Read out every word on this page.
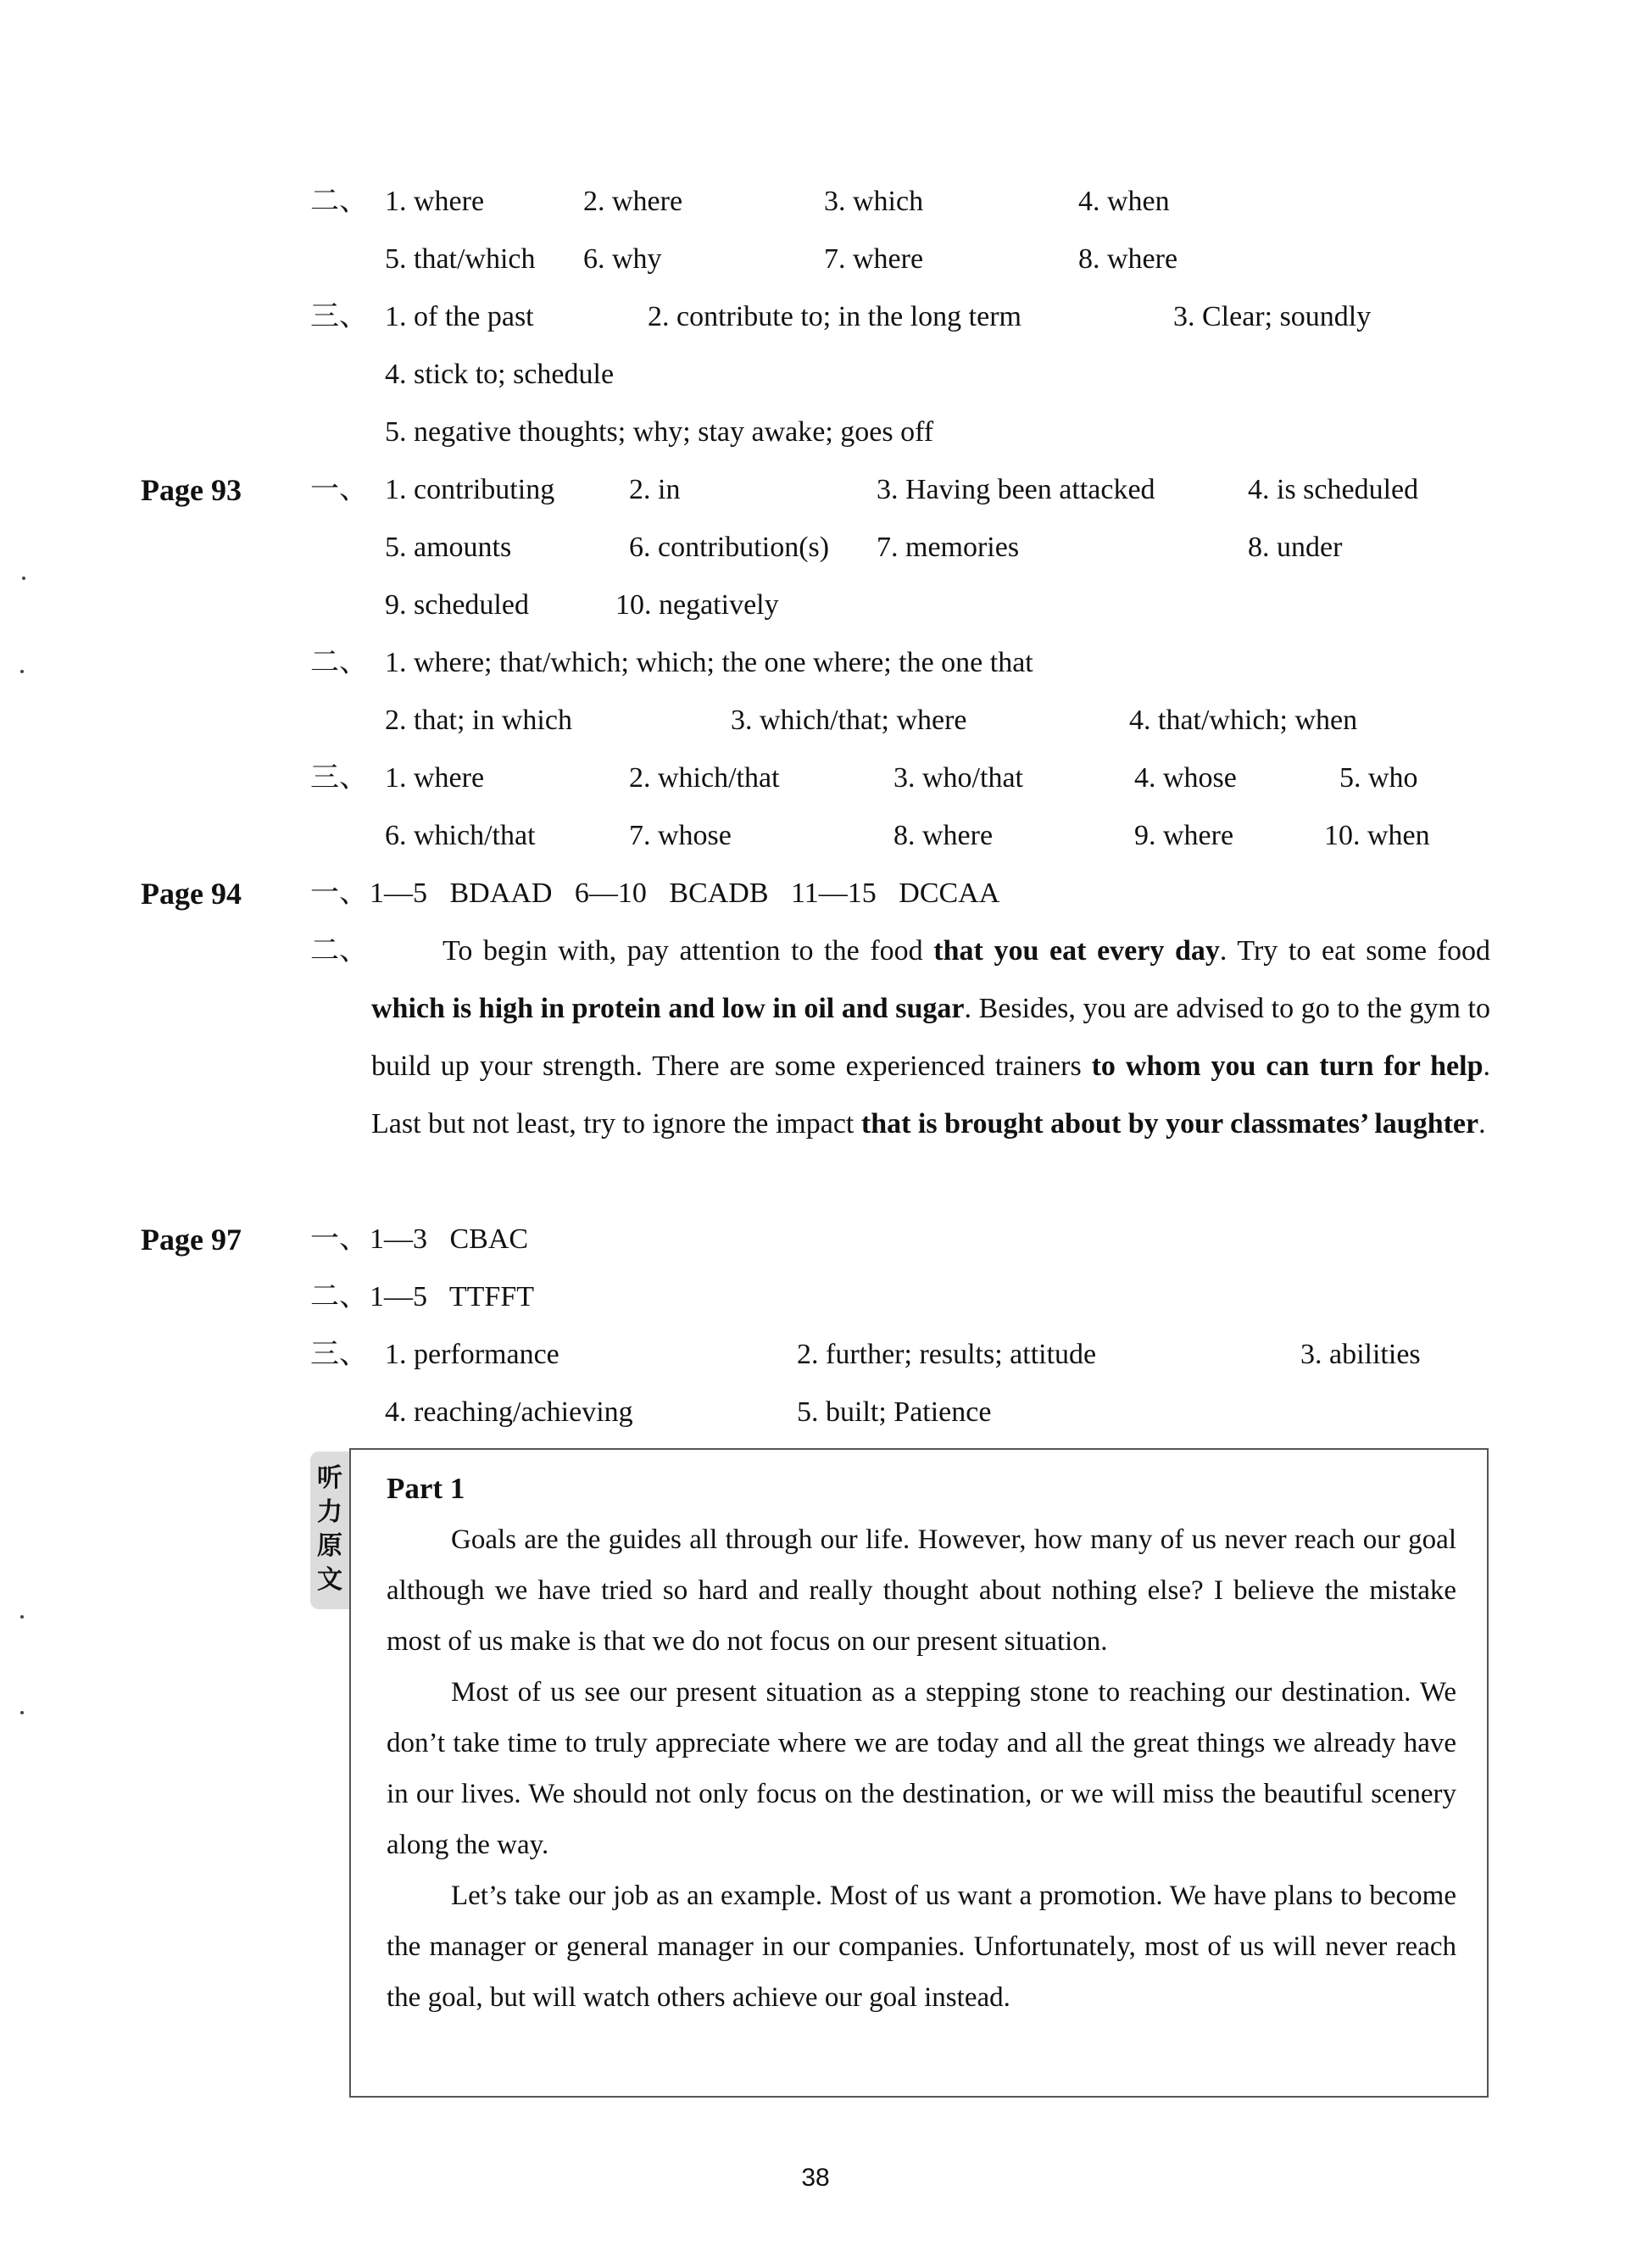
二、 1. where	2. where	3. which	4. when
5. that/which 6. why	7. where	8. where
三、 1. of the past	2. contribute to; in the long term	3. Clear; soundly
4. stick to; schedule
5. negative thoughts; why; stay awake; goes off
Page 93 一、 1. contributing	2. in	3. Having been attacked	4. is scheduled
5. amounts	6. contribution(s) 7. memories	8. under
9. scheduled	10. negatively
二、 1. where; that/which; which; the one where; the one that
2. that; in which	3. which/that; where	4. that/which; when
三、 1. where	2. which/that	3. who/that	4. whose	5. who
6. which/that	7. whose	8. where	9. where	10. when
Page 94 一、 1—5 BDAAD 6—10 BCADB 11—15 DCCAA
二、	To begin with, pay attention to the food that you eat every day. Try to eat some food which is high in protein and low in oil and sugar. Besides, you are advised to go to the gym to build up your strength. There are some experienced trainers to whom you can turn for help. Last but not least, try to ignore the impact that is brought about by your classmates’ laughter.
Page 97 一、 1—3 CBAC
二、 1—5 TTFFT
三、 1. performance	2. further; results; attitude	3. abilities
4. reaching/achieving	5. built; Patience
听
力
原
文
Part 1
Goals are the guides all through our life. However, how many of us never reach our goal although we have tried so hard and really thought about nothing else? I believe the mistake most of us make is that we do not focus on our present situation.
Most of us see our present situation as a stepping stone to reaching our destination. We don’t take time to truly appreciate where we are today and all the great things we already have in our lives. We should not only focus on the destination, or we will miss the beautiful scenery along the way.
Let’s take our job as an example. Most of us want a promotion. We have plans to become the manager or general manager in our companies. Unfortunately, most of us will never reach the goal, but will watch others achieve our goal instead.
38
